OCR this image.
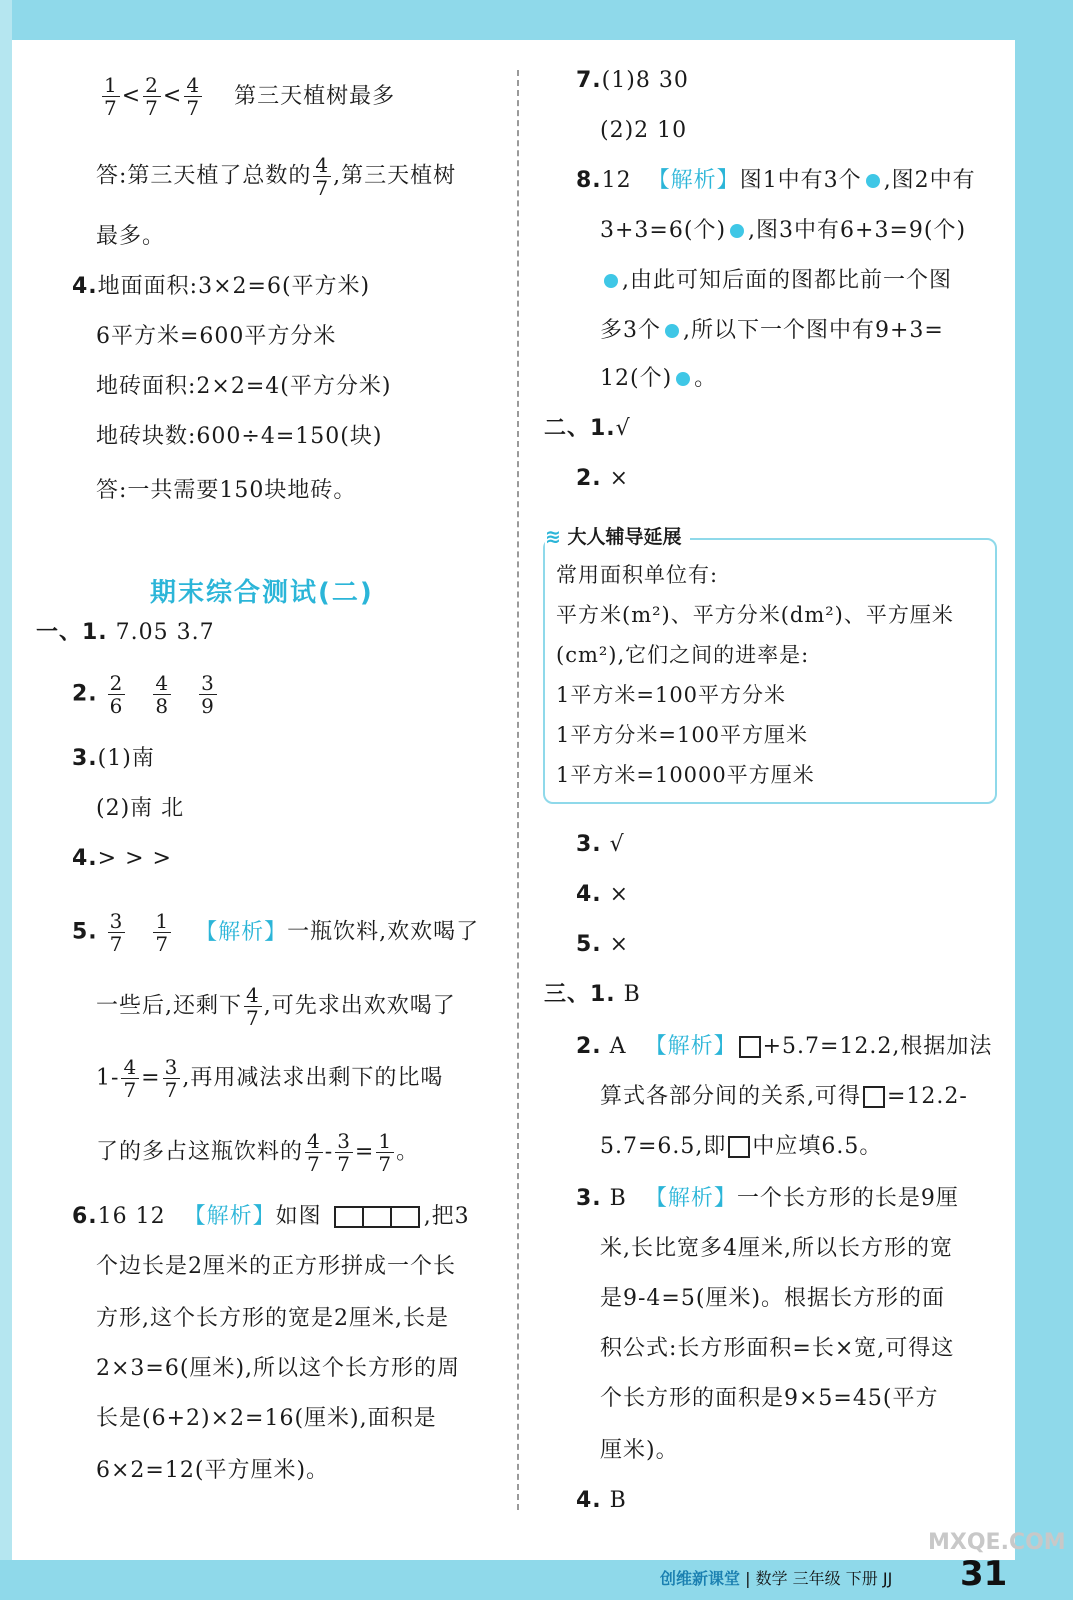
$\frac{1}{7} < \frac{2}{7} < \frac{4}{7}$ 第三天植树最多
答:第三天植了总数的 $\frac{4}{7}$ ,第三天植树
最多。
4.地面面积:3×2=6(平方米)
6平方米=600平方分米
地砖面积:2×2=4(平方分米)
地砖块数:600÷4=150(块)
答:一共需要150块地砖。
期末综合测试(二)
一、1. 7.05 3.7
2. $\frac{2}{6}$
$\frac{4}{8}$
$\frac{3}{9}$
3.(1)南
(2)南 北
4.> > >
5. $\frac{3}{7}$
$\frac{1}{7}$ 【解析】一瓶饮料,欢欢喝了
一些后,还剩下 $\frac{4}{7}$ ,可先求出欢欢喝了
$1- \frac{4}{7} = \frac{3}{7}$ ,再用减法求出剩下的比喝
了的多占这瓶饮料的 $\frac{4}{7} - \frac{3}{7} = \frac{1}{7}$ 。
6.16 12 【解析】如图	,把3
个边长是2厘米的正方形拼成一个长
方形,这个长方形的宽是2厘米,长是
2×3=6(厘米),所以这个长方形的周
长是(6+2)×2=16(厘米),面积是
6×2=12(平方厘米)。
7.(1)8 30
(2)2 10
8.12 【解析】图1中有3个 ,图2中有
3+3=6(个) ,图3中有6+3=9(个)
,由此可知后面的图都比前一个图
多3个 ,所以下一个图中有9+3=
12(个) 。
二、1.√
2. ×
≋ 大人辅导延展
常用面积单位有:
平方米(m²)、平方分米(dm²)、平方厘米
(cm²),它们之间的进率是:
1平方米=100平方分米
1平方分米=100平方厘米
1平方米=10000平方厘米
3. √
4. ×
5. ×
三、1. B
2. A 【解析】 +5.7=12.2,根据加法
算式各部分间的关系,可得 =12.2-
5.7=6.5,即 中应填6.5。
3. B 【解析】一个长方形的长是9厘
米,长比宽多4厘米,所以长方形的宽
是9-4=5(厘米)。根据长方形的面
积公式:长方形面积=长×宽,可得这
个长方形的面积是9×5=45(平方
厘米)。
4. B
创维新课堂 | 数学 三年级 下册 JJ 31
MXQE.COM
